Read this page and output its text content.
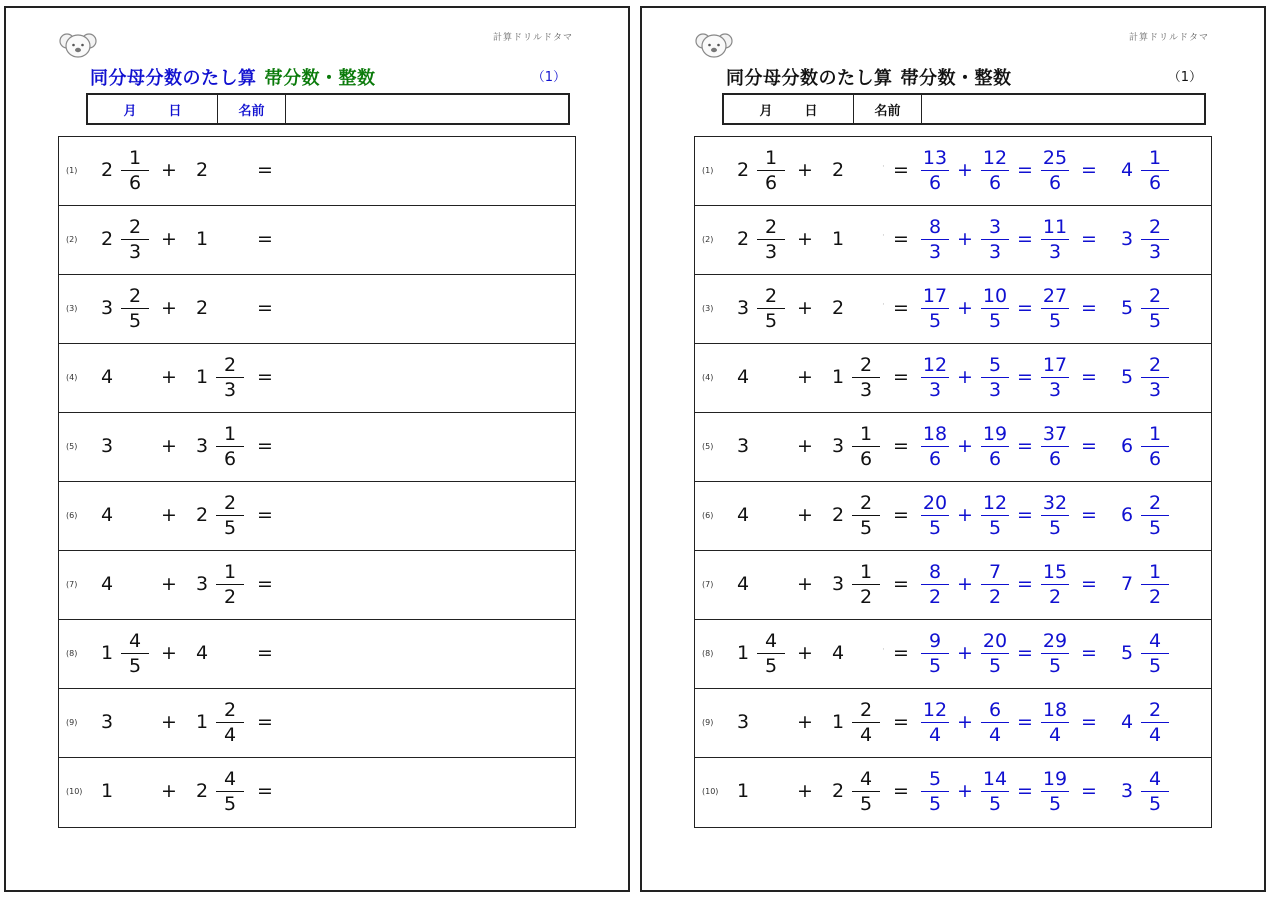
計算ドリルドタマ
同分母分数のたし算 帯分数・整数	（1）
月 日	名前
(1) $2 \frac{1}{6} + 2$	=
(2) $2 \frac{2}{3} + 1$	=
(3) $3 \frac{2}{5} + 2$	=
(4) 4	+ $1 \frac{2}{3}$ =
(5) 3	+ $3 \frac{1}{6}$ =
(6) 4	+ $2 \frac{2}{5}$ =
(7) 4	+ $3 \frac{1}{2}$ =
(8) $1 \frac{4}{5} + 4$	=
(9) 3	+ $1 \frac{2}{4}$ =
(10) 1	+ $2 \frac{4}{5}$ =
計算ドリルドタマ
同分母分数のたし算 帯分数・整数	（1）
月 日	名前
(1) $2 \frac{1}{6} + 2$	· = $\frac{13}{6} + \frac{12}{6} = \frac{25}{6} = 4 \frac{1}{6}$
(2) $2 \frac{2}{3} + 1$	· = $\frac{8}{3} + \frac{3}{3} = \frac{11}{3} = 3 \frac{2}{3}$
(3) $3 \frac{2}{5} + 2$	· = $\frac{17}{5} + \frac{10}{5} = \frac{27}{5} = 5 \frac{2}{5}$
(4) 4	+ $1 \frac{2}{3} = \frac{12}{3} + \frac{5}{3} = \frac{17}{3} = 5 \frac{2}{3}$
(5) 3	+ $3 \frac{1}{6} = \frac{18}{6} + \frac{19}{6} = \frac{37}{6} = 6 \frac{1}{6}$
(6) 4	+ $2 \frac{2}{5} = \frac{20}{5} + \frac{12}{5} = \frac{32}{5} = 6 \frac{2}{5}$
(7) 4	+ $3 \frac{1}{2} = \frac{8}{2} + \frac{7}{2} = \frac{15}{2} = 7 \frac{1}{2}$
(8) $1 \frac{4}{5} + 4$	· = $\frac{9}{5} + \frac{20}{5} = \frac{29}{5} = 5 \frac{4}{5}$
(9) 3	+ $1 \frac{2}{4} = \frac{12}{4} + \frac{6}{4} = \frac{18}{4} = 4 \frac{2}{4}$
(10) 1	+ $2 \frac{4}{5} = \frac{5}{5} + \frac{14}{5} = \frac{19}{5} = 3 \frac{4}{5}$
